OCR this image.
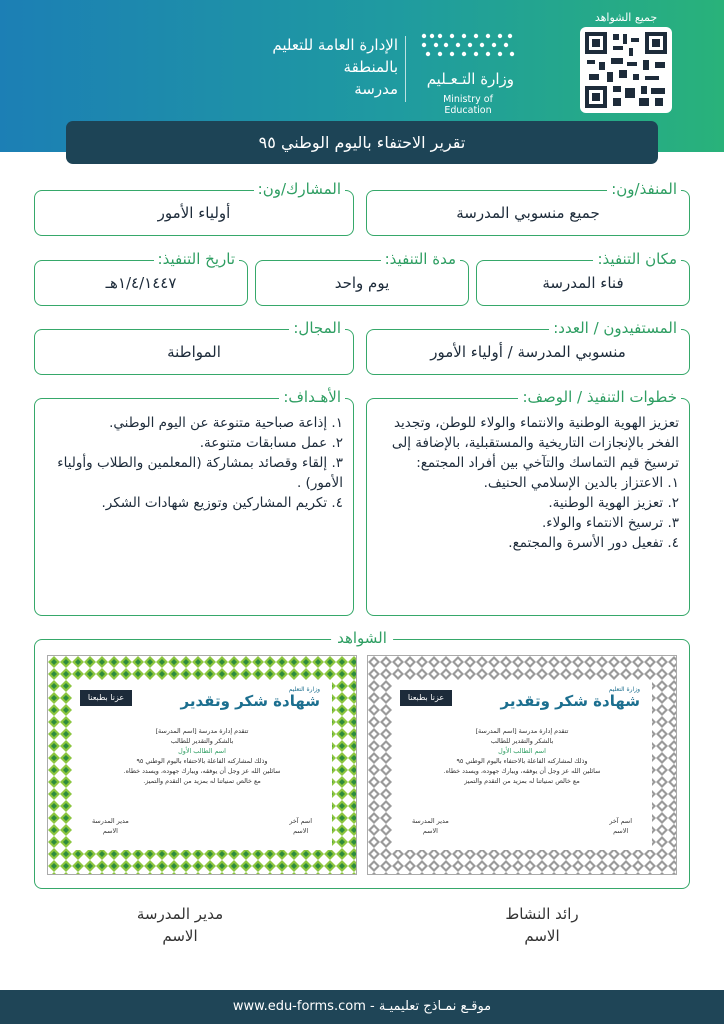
جميع الشواهد
وزارة التـعـليم
Ministry of Education
الإدارة العامة للتعليم
بالمنطقة
مدرسة
تقرير الاحتفاء باليوم الوطني ٩٥
المنفذ/ون:
جميع منسوبي المدرسة
المشارك/ون:
أولياء الأمور
مكان التنفيذ:
فناء المدرسة
مدة التنفيذ:
يوم واحد
تاريخ التنفيذ:
١/٤/١٤٤٧هـ
المستفيدون / العدد:
منسوبي المدرسة / أولياء الأمور
المجال:
المواطنة
خطوات التنفيذ / الوصف:

تعزيز الهوية الوطنية والانتماء والولاء للوطن، وتجديد الفخر بالإنجازات التاريخية والمستقبلية، بالإضافة إلى ترسيخ قيم التماسك والتآخي بين أفراد المجتمع:

١. الاعتزاز بالدين الإسلامي الحنيف.

٢. تعزيز الهوية الوطنية.

٣. ترسيخ الانتماء والولاء.

٤. تفعيل دور الأسرة والمجتمع.

الأهـداف:

١. إذاعة صباحية متنوعة عن اليوم الوطني.

٢. عمل مسابقات متنوعة.

٣. إلقاء وقصائد بمشاركة (المعلمين والطلاب وأولياء الأمور) .

٤. تكريم المشاركين وتوزيع شهادات الشكر.

الشواهد
شهادة شكر وتقدير
عزنا بطبعنا
وزارة التعليم
تتقدم إدارة مدرسة [اسم المدرسة]
بالشكر والتقدير للطالب
اسم الطالب الأول
وذلك لمشاركته الفاعلة بالاحتفاء باليوم الوطني ٩٥
سائلين الله عز وجل أن يوفقه، ويبارك جهوده، ويسدد خطاه.
مع خالص تمنياتنا له بمزيد من التقدم والتميز
اسم آخر
الاسم
مدير المدرسة
الاسم
شهادة شكر وتقدير
عزنا بطبعنا
وزارة التعليم
تتقدم إدارة مدرسة [اسم المدرسة]
بالشكر والتقدير للطالب
اسم الطالب الأول
وذلك لمشاركته الفاعلة بالاحتفاء باليوم الوطني ٩٥
سائلين الله عز وجل أن يوفقه، ويبارك جهوده، ويسدد خطاه.
مع خالص تمنياتنا له بمزيد من التقدم والتميز.
اسم آخر
الاسم
مدير المدرسة
الاسم
رائد النشاط
الاسم
مدير المدرسة
الاسم
موقـع نمـاذج تعليميـة - www.edu-forms.com
